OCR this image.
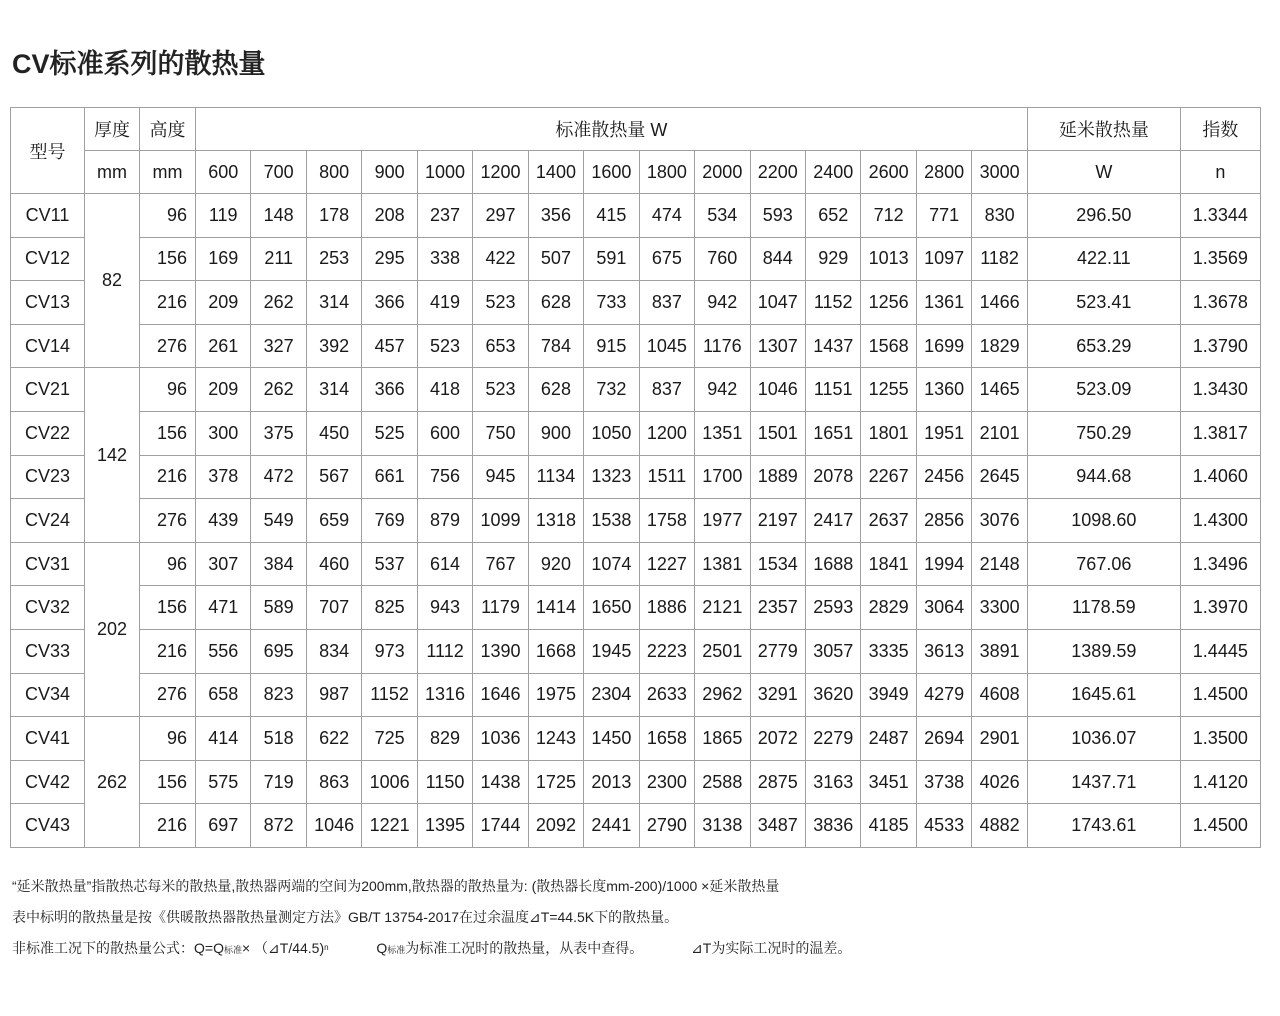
CV标准系列的散热量
型号	厚度	高度	标准散热量 W															延米散热量	指数
	mm	mm	600	700	800	900	1000	1200	1400	1600	1800	2000	2200	2400	2600	2800	3000	W	n
CV11	82	96	119	148	178	208	237	297	356	415	474	534	593	652	712	771	830	296.50	1.3344
CV12		156	169	211	253	295	338	422	507	591	675	760	844	929	1013	1097	1182	422.11	1.3569
CV13		216	209	262	314	366	419	523	628	733	837	942	1047	1152	1256	1361	1466	523.41	1.3678
CV14		276	261	327	392	457	523	653	784	915	1045	1176	1307	1437	1568	1699	1829	653.29	1.3790
CV21	142	96	209	262	314	366	418	523	628	732	837	942	1046	1151	1255	1360	1465	523.09	1.3430
CV22		156	300	375	450	525	600	750	900	1050	1200	1351	1501	1651	1801	1951	2101	750.29	1.3817
CV23		216	378	472	567	661	756	945	1134	1323	1511	1700	1889	2078	2267	2456	2645	944.68	1.4060
CV24		276	439	549	659	769	879	1099	1318	1538	1758	1977	2197	2417	2637	2856	3076	1098.60	1.4300
CV31	202	96	307	384	460	537	614	767	920	1074	1227	1381	1534	1688	1841	1994	2148	767.06	1.3496
CV32		156	471	589	707	825	943	1179	1414	1650	1886	2121	2357	2593	2829	3064	3300	1178.59	1.3970
CV33		216	556	695	834	973	1112	1390	1668	1945	2223	2501	2779	3057	3335	3613	3891	1389.59	1.4445
CV34		276	658	823	987	1152	1316	1646	1975	2304	2633	2962	3291	3620	3949	4279	4608	1645.61	1.4500
CV41	262	96	414	518	622	725	829	1036	1243	1450	1658	1865	2072	2279	2487	2694	2901	1036.07	1.3500
CV42		156	575	719	863	1006	1150	1438	1725	2013	2300	2588	2875	3163	3451	3738	4026	1437.71	1.4120
CV43		216	697	872	1046	1221	1395	1744	2092	2441	2790	3138	3487	3836	4185	4533	4882	1743.61	1.4500
“延米散热量”指散热芯每米的散热量,散热器两端的空间为200mm,散热器的散热量为: (散热器长度mm-200)/1000 ×延米散热量
表中标明的散热量是按《供暖散热器散热量测定方法》GB/T 13754-2017在过余温度⊿T=44.5K下的散热量。
非标准工况下的散热量公式：Q=Q标准× （⊿T/44.5)$^n$	Q标准为标准工况时的散热量，从表中查得。	⊿T为实际工况时的温差。
